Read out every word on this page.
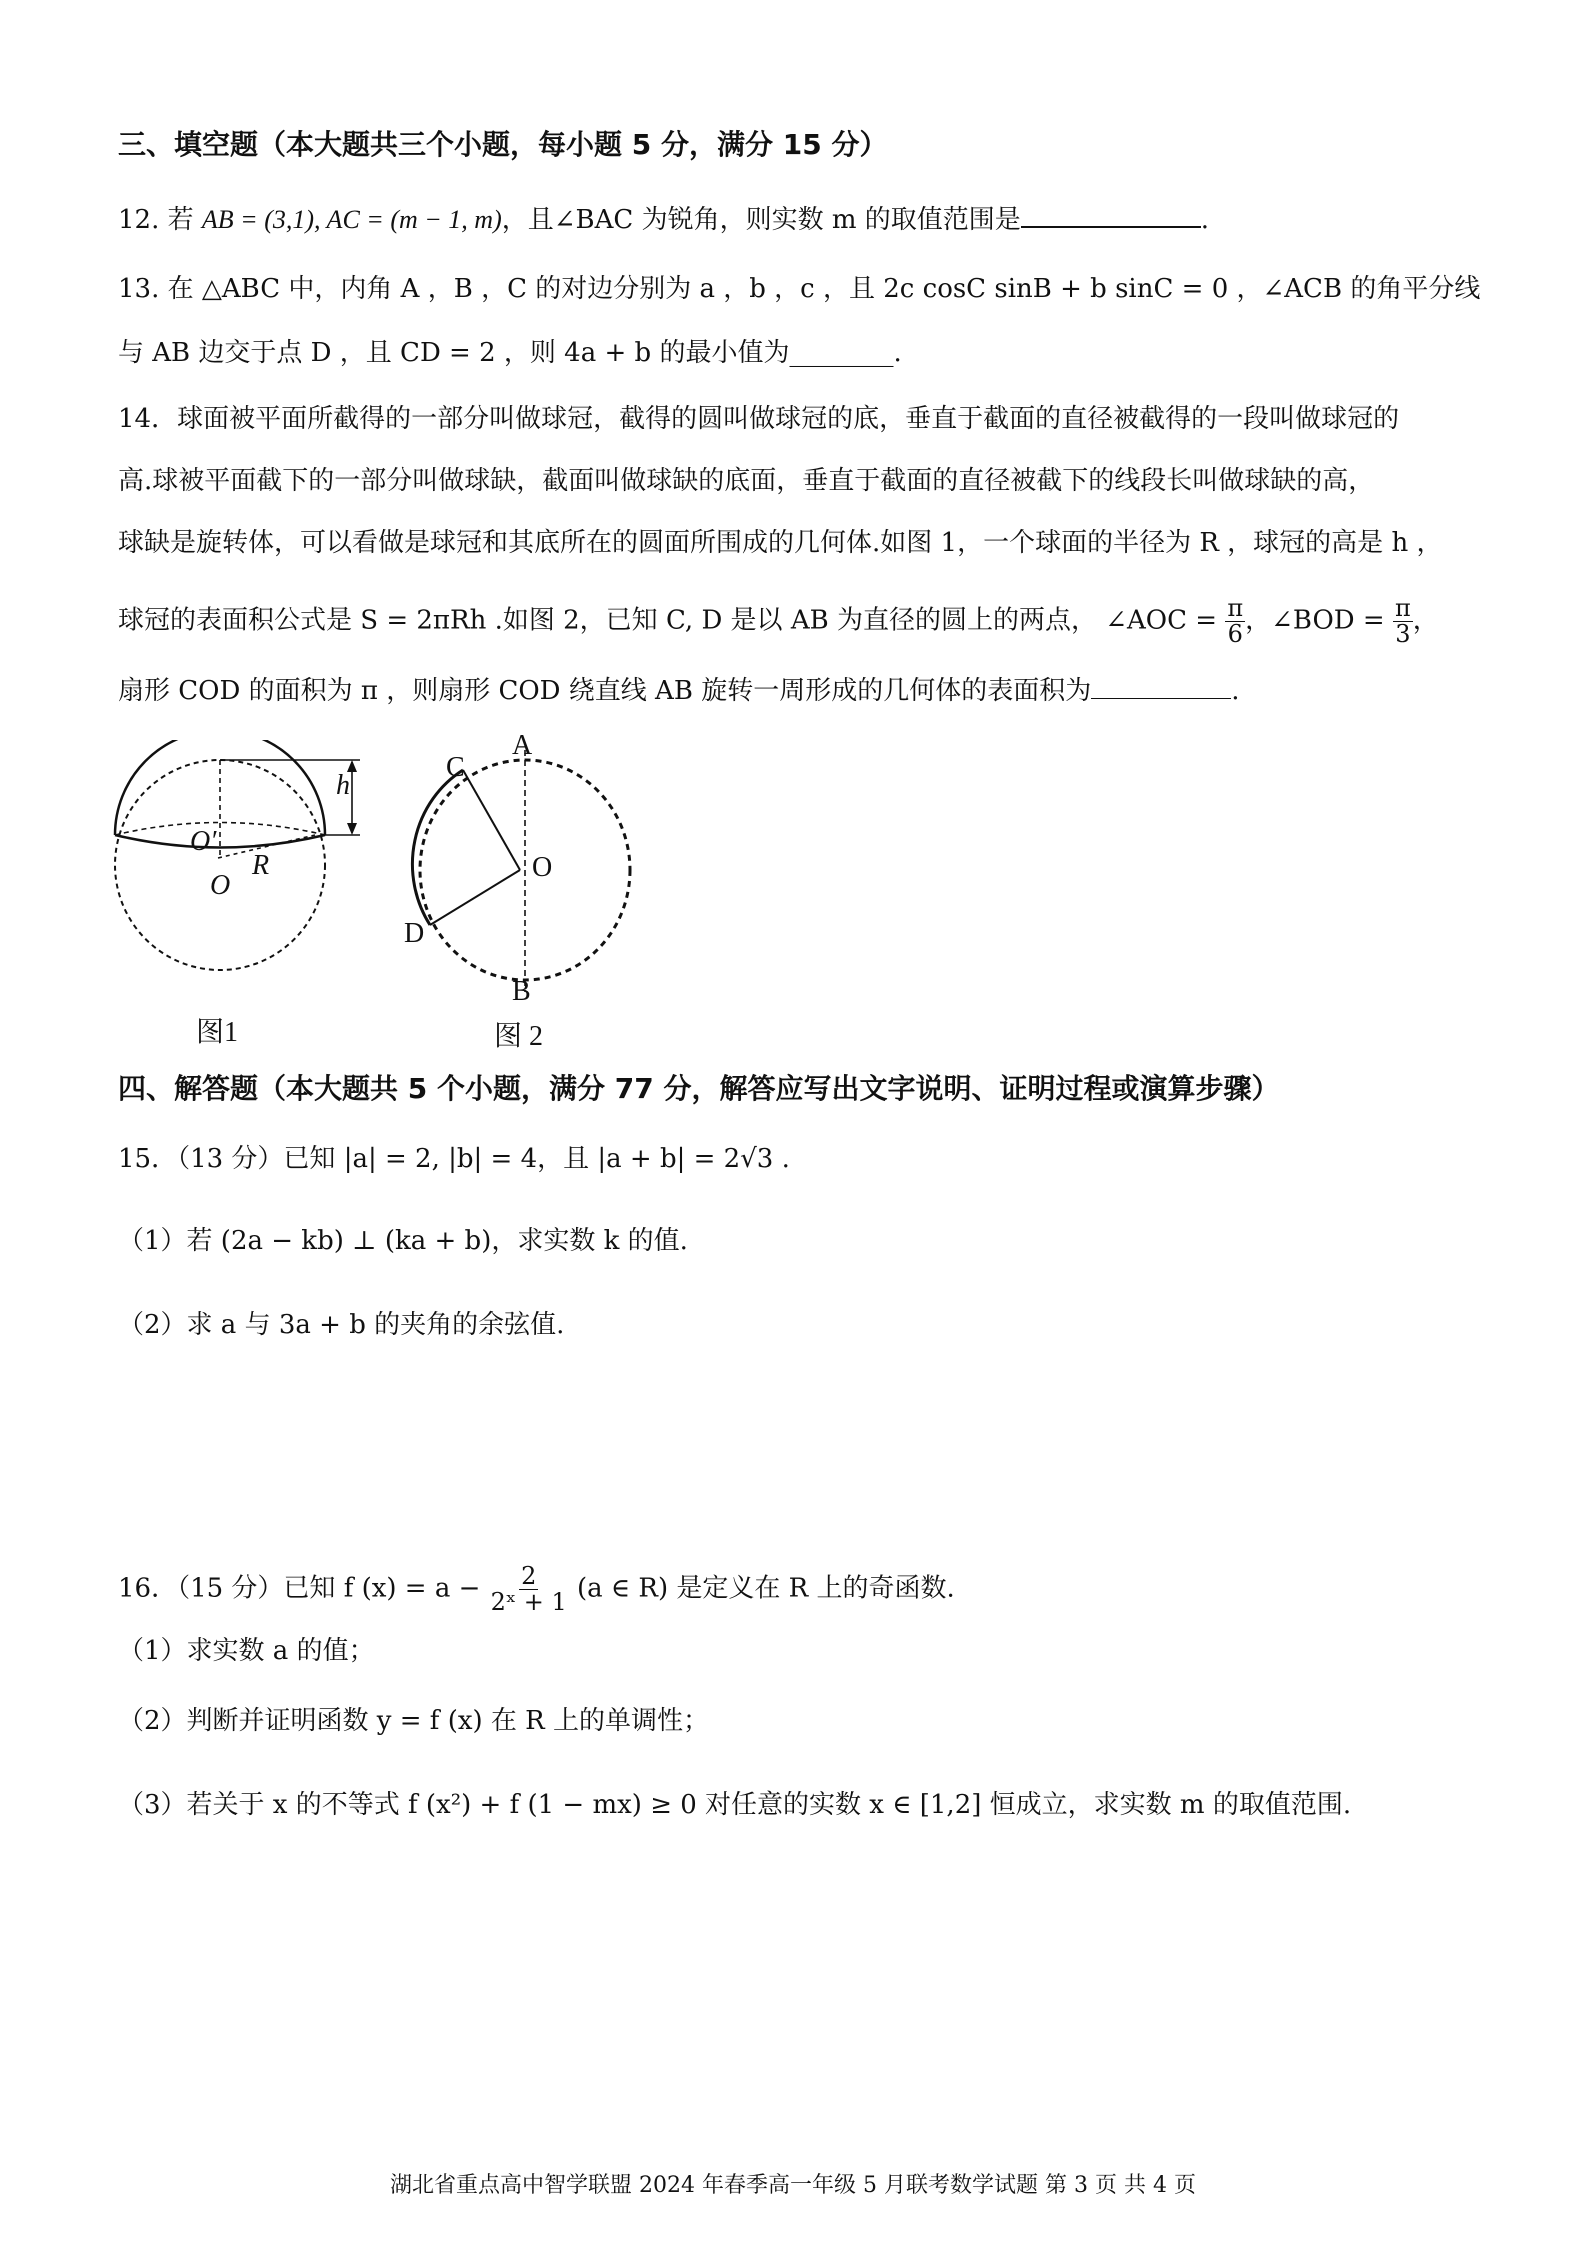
三、填空题（本大题共三个小题，每小题 5 分，满分 15 分）
12. 若 AB = (3,1), AC = (m − 1, m)，且∠BAC 为锐角，则实数 m 的取值范围是	.
13. 在 △ABC 中，内角 A ，B ，C 的对边分别为 a ，b ，c ，且 2c cosC sinB + b sinC = 0 ，∠ACB 的角平分线
与 AB 边交于点 D ，且 CD = 2 ，则 4a + b 的最小值为________.
14．球面被平面所截得的一部分叫做球冠，截得的圆叫做球冠的底，垂直于截面的直径被截得的一段叫做球冠的
高.球被平面截下的一部分叫做球缺，截面叫做球缺的底面，垂直于截面的直径被截下的线段长叫做球缺的高，
球缺是旋转体，可以看做是球冠和其底所在的圆面所围成的几何体.如图 1，一个球面的半径为 R ，球冠的高是 h ，
球冠的表面积公式是 S = 2πRh .如图 2，已知 C, D 是以 AB 为直径的圆上的两点， ∠AOC = $\frac{\pi}{6}$ ，∠BOD = $\frac{\pi}{3}$ ，
扇形 COD 的面积为 π ，则扇形 COD 绕直线 AB 旋转一周形成的几何体的表面积为	.
h
O′
R
O
图1
A
C
O
D
B
图 2
四、解答题（本大题共 5 个小题，满分 77 分，解答应写出文字说明、证明过程或演算步骤）
15．（13 分）已知 |a| = 2, |b| = 4，且 |a + b| = 2√3 .
（1）若 (2a − kb) ⊥ (ka + b)，求实数 k 的值.
（2）求 a 与 3a + b 的夹角的余弦值.
16．（15 分）已知 f $(x) = a - \frac{2}{\text{2ˣ + 1}} (a$ ∈ R) 是定义在 R 上的奇函数.
（1）求实数 a 的值；
（2）判断并证明函数 y = f (x) 在 R 上的单调性；
（3）若关于 x 的不等式 f (x²) + f (1 − mx) ≥ 0 对任意的实数 x ∈ [1,2] 恒成立，求实数 m 的取值范围.
湖北省重点高中智学联盟 2024 年春季高一年级 5 月联考数学试题 第 3 页 共 4 页
